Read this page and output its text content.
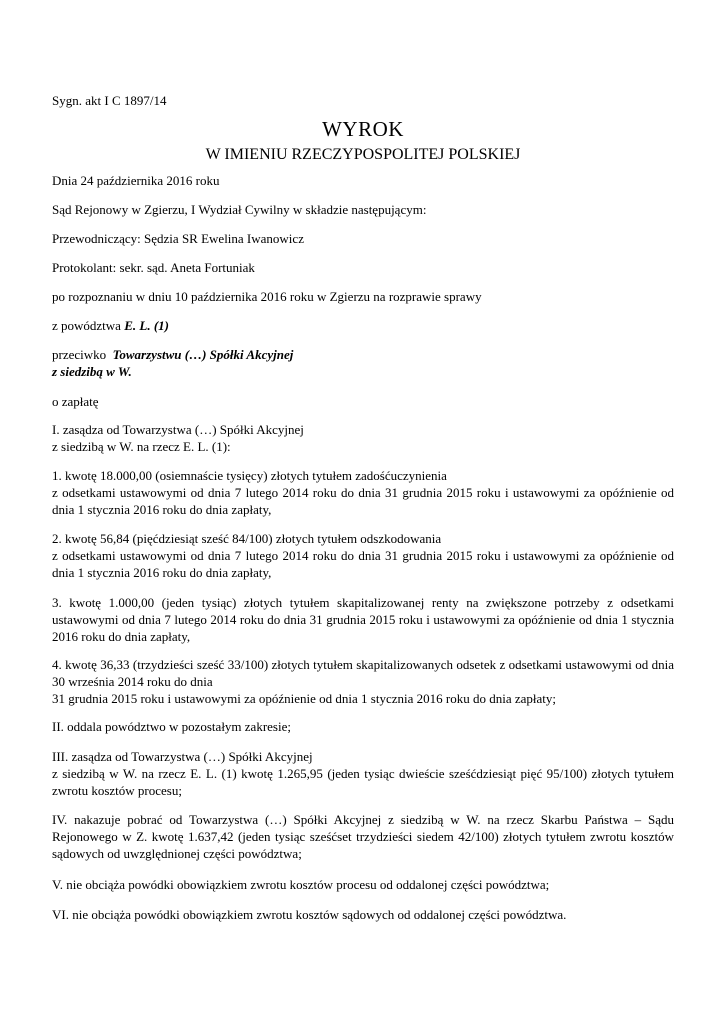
Sygn. akt I C 1897/14

WYROK
W IMIENIU RZECZYPOSPOLITEJ POLSKIEJ
Dnia 24 października 2016 roku
Sąd Rejonowy w Zgierzu, I Wydział Cywilny w składzie następującym:
Przewodniczący: Sędzia SR Ewelina Iwanowicz
Protokolant: sekr. sąd. Aneta Fortuniak
po rozpoznaniu w dniu 10 października 2016 roku w Zgierzu na rozprawie sprawy
z powództwa E. L. (1)
przeciwko Towarzystwu (…) Spółki Akcyjnej
z siedzibą w W.
o zapłatę
I. zasądza od Towarzystwa (…) Spółki Akcyjnej
z siedzibą w W. na rzecz E. L. (1):
1. kwotę 18.000,00 (osiemnaście tysięcy) złotych tytułem zadośćuczynienia
z odsetkami ustawowymi od dnia 7 lutego 2014 roku do dnia 31 grudnia 2015 roku i ustawowymi za opóźnienie od dnia 1 stycznia 2016 roku do dnia zapłaty,
2. kwotę 56,84 (pięćdziesiąt sześć 84/100) złotych tytułem odszkodowania
z odsetkami ustawowymi od dnia 7 lutego 2014 roku do dnia 31 grudnia 2015 roku i ustawowymi za opóźnienie od dnia 1 stycznia 2016 roku do dnia zapłaty,
3. kwotę 1.000,00 (jeden tysiąc) złotych tytułem skapitalizowanej renty na zwiększone potrzeby z odsetkami ustawowymi od dnia 7 lutego 2014 roku do dnia 31 grudnia 2015 roku i ustawowymi za opóźnienie od dnia 1 stycznia 2016 roku do dnia zapłaty,
4. kwotę 36,33 (trzydzieści sześć 33/100) złotych tytułem skapitalizowanych odsetek z odsetkami ustawowymi od dnia 30 września 2014 roku do dnia
31 grudnia 2015 roku i ustawowymi za opóźnienie od dnia 1 stycznia 2016 roku do dnia zapłaty;
II. oddala powództwo w pozostałym zakresie;
III. zasądza od Towarzystwa (…) Spółki Akcyjnej
z siedzibą w W. na rzecz E. L. (1) kwotę 1.265,95 (jeden tysiąc dwieście sześćdziesiąt pięć 95/100) złotych tytułem zwrotu kosztów procesu;
IV. nakazuje pobrać od Towarzystwa (…) Spółki Akcyjnej z siedzibą w W. na rzecz Skarbu Państwa – Sądu Rejonowego w Z. kwotę 1.637,42 (jeden tysiąc sześćset trzydzieści siedem 42/100) złotych tytułem zwrotu kosztów sądowych od uwzględnionej części powództwa;
V. nie obciąża powódki obowiązkiem zwrotu kosztów procesu od oddalonej części powództwa;
VI. nie obciąża powódki obowiązkiem zwrotu kosztów sądowych od oddalonej części powództwa.
